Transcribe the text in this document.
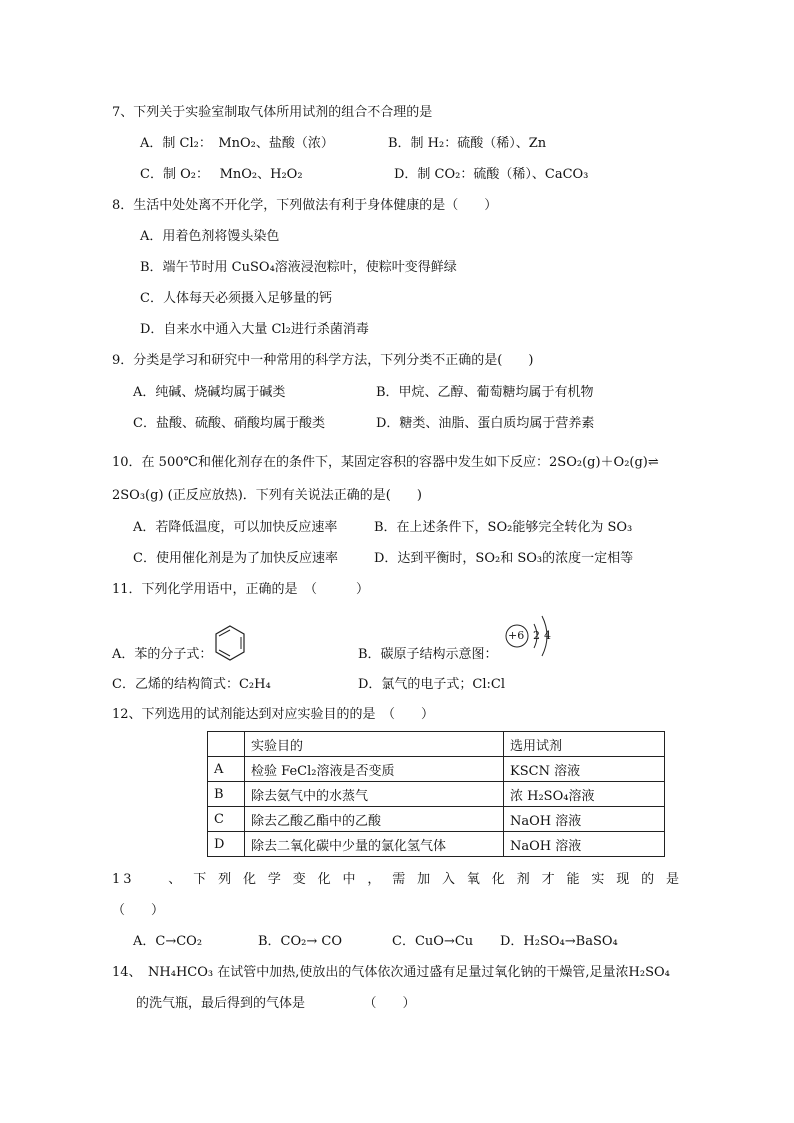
7、下列关于实验室制取气体所用试剂的组合不合理的是
A．制 Cl₂：　MnO₂、盐酸（浓）	B．制 H₂：硫酸（稀）、Zn
C．制 O₂：　 MnO₂、H₂O₂	D．制 CO₂：硫酸（稀）、CaCO₃
8．生活中处处离不开化学，下列做法有利于身体健康的是（　　）
A．用着色剂将馒头染色
B．端午节时用 CuSO₄溶液浸泡粽叶，使粽叶变得鲜绿
C．人体每天必须摄入足够量的钙
D．自来水中通入大量 Cl₂进行杀菌消毒
9．分类是学习和研究中一种常用的科学方法，下列分类不正确的是(　　)
A．纯碱、烧碱均属于碱类	B．甲烷、乙醇、葡萄糖均属于有机物
C．盐酸、硫酸、硝酸均属于酸类	D．糖类、油脂、蛋白质均属于营养素
10．在 500℃和催化剂存在的条件下，某固定容积的容器中发生如下反应：2SO₂(g)＋O₂(g)⇌
2SO₃(g) (正反应放热)．下列有关说法正确的是(　　)
A．若降低温度，可以加快反应速率	B．在上述条件下，SO₂能够完全转化为 SO₃
C．使用催化剂是为了加快反应速率	D．达到平衡时，SO₂和 SO₃的浓度一定相等
11．下列化学用语中，正确的是　（　　　）
A．苯的分子式：	B．碳原子结构示意图：
+6 2 4
C．乙烯的结构简式：C₂H₄	D．氯气的电子式；Cl:Cl
12、下列选用的试剂能达到对应实验目的的是　（　　）
	实验目的	选用试剂
A	检验 FeCl₂溶液是否变质	KSCN 溶液
B	除去氨气中的水蒸气	浓 H₂SO₄溶液
C	除去乙酸乙酯中的乙酸	NaOH 溶液
D	除去二氧化碳中少量的氯化氢气体	NaOH 溶液
13　、下列化学变化中，需加入氧化剂才能实现的是
（　　）
A．C→CO₂	B．CO₂→ CO	C．CuO→Cu D．H₂SO₄→BaSO₄
14、　NH₄HCO₃ 在试管中加热,使放出的气体依次通过盛有足量过氧化钠的干燥管,足量浓H₂SO₄
的洗气瓶，最后得到的气体是　　　　　（　　）
